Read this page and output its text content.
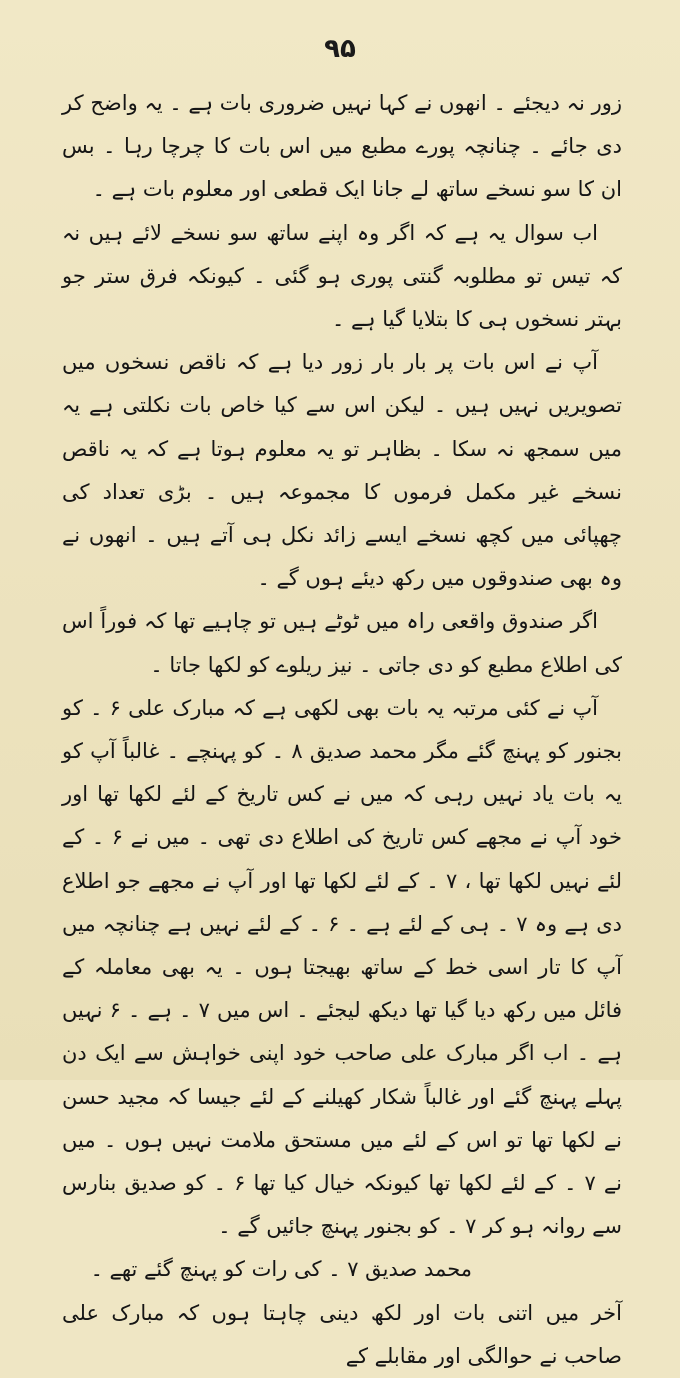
۹۵

زور نہ دیجئے ۔ انھوں نے کہا نہیں ضروری بات ہے ۔ یہ واضح کر دی جائے ۔ چنانچہ پورے مطبع میں اس بات کا چرچا رہا ۔ بس ان کا سو نسخے ساتھ لے جانا ایک قطعی اور معلوم بات ہے ۔

اب سوال یہ ہے کہ اگر وہ اپنے ساتھ سو نسخے لائے ہیں نہ کہ تیس تو مطلوبہ گنتی پوری ہو گئی ۔ کیونکہ فرق ستر جو بہتر نسخوں ہی کا بتلایا گیا ہے ۔

آپ نے اس بات پر بار بار زور دیا ہے کہ ناقص نسخوں میں تصویریں نہیں ہیں ۔ لیکن اس سے کیا خاص بات نکلتی ہے یہ میں سمجھ نہ سکا ۔ بظاہر تو یہ معلوم ہوتا ہے کہ یہ ناقص نسخے غیر مکمل فرموں کا مجموعہ ہیں ۔ بڑی تعداد کی چھپائی میں کچھ نسخے ایسے زائد نکل ہی آتے ہیں ۔ انھوں نے وہ بھی صندوقوں میں رکھ دیئے ہوں گے ۔

اگر صندوق واقعی راہ میں ٹوٹے ہیں تو چاہیے تھا کہ فوراً اس کی اطلاع مطبع کو دی جاتی ۔ نیز ریلوے کو لکھا جاتا ۔

آپ نے کئی مرتبہ یہ بات بھی لکھی ہے کہ مبارک علی ۶ ۔ کو بجنور کو پہنچ گئے مگر محمد صدیق ۸ ۔ کو پہنچے ۔ غالباً آپ کو یہ بات یاد نہیں رہی کہ میں نے کس تاریخ کے لئے لکھا تھا اور خود آپ نے مجھے کس تاریخ کی اطلاع دی تھی ۔ میں نے ۶ ۔ کے لئے نہیں لکھا تھا ، ۷ ۔ کے لئے لکھا تھا اور آپ نے مجھے جو اطلاع دی ہے وہ ۷ ۔ ہی کے لئے ہے ۔ ۶ ۔ کے لئے نہیں ہے چنانچہ میں آپ کا تار اسی خط کے ساتھ بھیجتا ہوں ۔ یہ بھی معاملہ کے فائل میں رکھ دیا گیا تھا دیکھ لیجئے ۔ اس میں ۷ ۔ ہے ۔ ۶ نہیں ہے ۔ اب اگر مبارک علی صاحب خود اپنی خواہش سے ایک دن پہلے پہنچ گئے اور غالباً شکار کھیلنے کے لئے جیسا کہ مجید حسن نے لکھا تھا تو اس کے لئے میں مستحق ملامت نہیں ہوں ۔ میں نے ۷ ۔ کے لئے لکھا تھا کیونکہ خیال کیا تھا ۶ ۔ کو صدیق بنارس سے روانہ ہو کر ۷ ۔ کو بجنور پہنچ جائیں گے ۔

محمد صدیق ۷ ۔ کی رات کو پہنچ گئے تھے ۔

آخر میں اتنی بات اور لکھ دینی چاہتا ہوں کہ مبارک علی صاحب نے حوالگی اور مقابلے کے
